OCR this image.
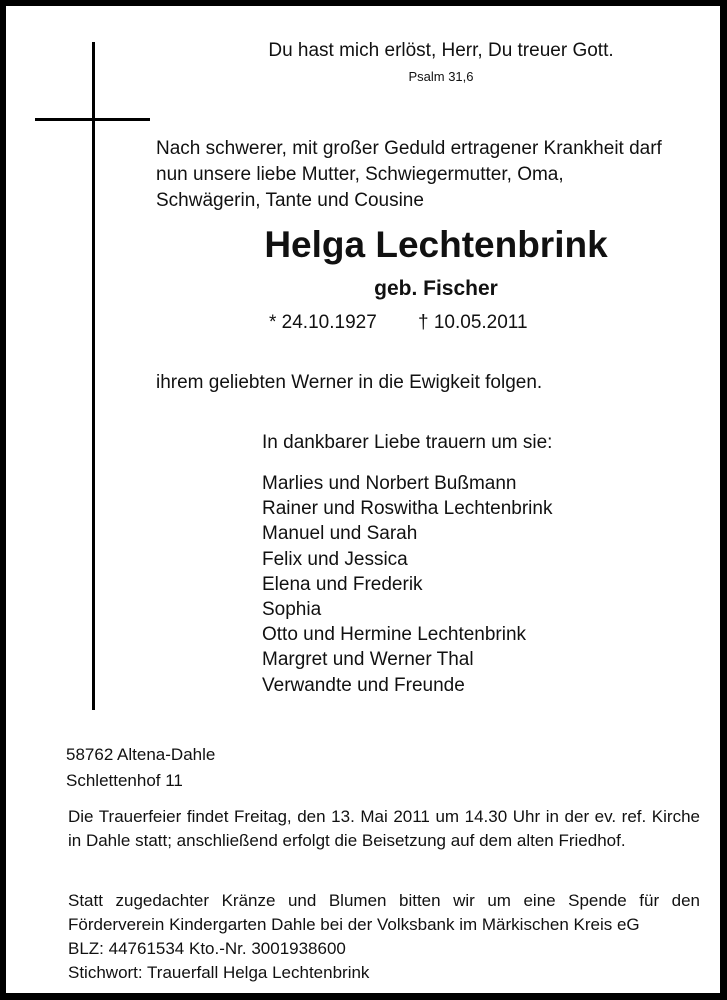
Du hast mich erlöst, Herr, Du treuer Gott.
Psalm 31,6
Nach schwerer, mit großer Geduld ertragener Krankheit darf
nun unsere liebe Mutter, Schwiegermutter, Oma,
Schwägerin, Tante und Cousine
Helga Lechtenbrink
geb. Fischer
* 24.10.1927 † 10.05.2011
ihrem geliebten Werner in die Ewigkeit folgen.
In dankbarer Liebe trauern um sie:
Marlies und Norbert Bußmann
Rainer und Roswitha Lechtenbrink
Manuel und Sarah
Felix und Jessica
Elena und Frederik
Sophia
Otto und Hermine Lechtenbrink
Margret und Werner Thal
Verwandte und Freunde
58762 Altena-Dahle
Schlettenhof 11
Die Trauerfeier findet Freitag, den 13. Mai 2011 um 14.30 Uhr in der ev. ref. Kirche in Dahle statt; anschließend erfolgt die Beisetzung auf dem alten Friedhof.
Statt zugedachter Kränze und Blumen bitten wir um eine Spende für den Förderverein Kindergarten Dahle bei der Volksbank im Märkischen Kreis eG
BLZ: 44761534 Kto.-Nr. 3001938600
Stichwort: Trauerfall Helga Lechtenbrink
